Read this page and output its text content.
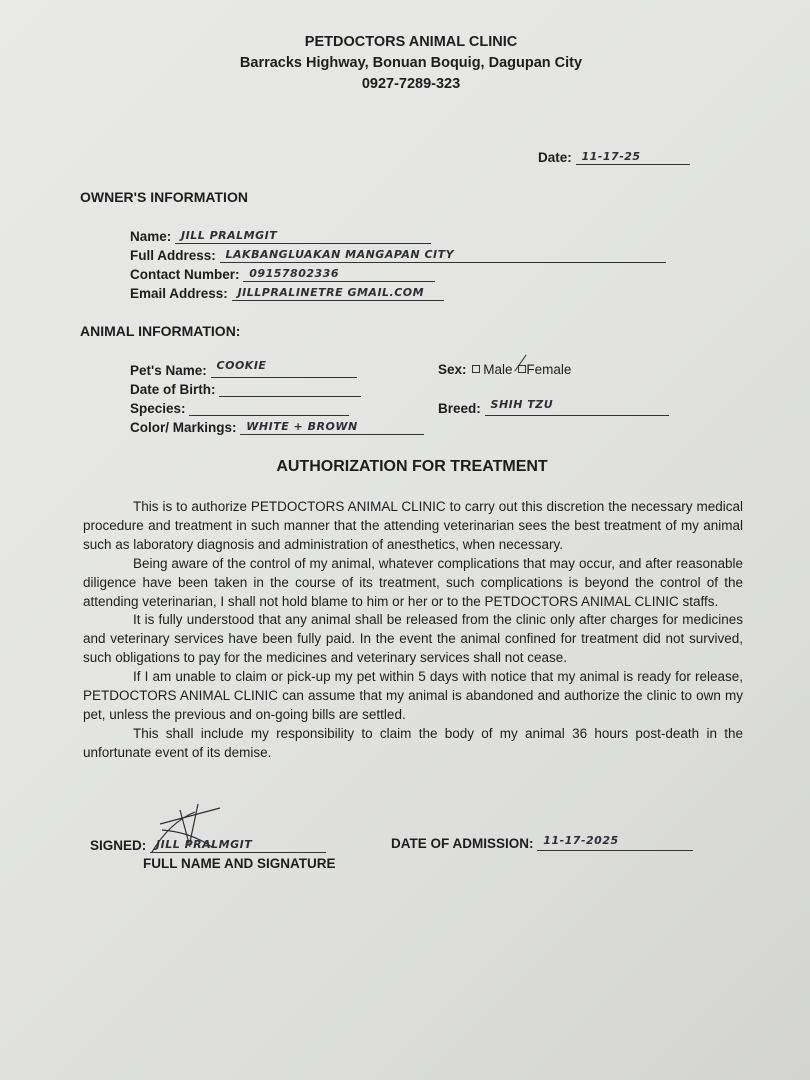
PETDOCTORS ANIMAL CLINIC
Barracks Highway, Bonuan Boquig, Dagupan City
0927-7289-323
Date: 11-17-25
OWNER'S INFORMATION
Name: JILL PRALMGIT
Full Address: LAKBANGLUAKAN MANGAPAN CITY
Contact Number: 09157802336
Email Address: JILLPRALINETRE GMAIL.COM
ANIMAL INFORMATION:
Pet's Name: COOKIE
Date of Birth:
Species:
Color/ Markings: WHITE + BROWN
Sex: Male Female
Breed: SHIH TZU
AUTHORIZATION FOR TREATMENT

This is to authorize PETDOCTORS ANIMAL CLINIC to carry out this discretion the necessary medical procedure and treatment in such manner that the attending veterinarian sees the best treatment of my animal such as laboratory diagnosis and administration of anesthetics, when necessary.

Being aware of the control of my animal, whatever complications that may occur, and after reasonable diligence have been taken in the course of its treatment, such complications is beyond the control of the attending veterinarian, I shall not hold blame to him or her or to the PETDOCTORS ANIMAL CLINIC staffs.

It is fully understood that any animal shall be released from the clinic only after charges for medicines and veterinary services have been fully paid. In the event the animal confined for treatment did not survived, such obligations to pay for the medicines and veterinary services shall not cease.

If I am unable to claim or pick-up my pet within 5 days with notice that my animal is ready for release, PETDOCTORS ANIMAL CLINIC can assume that my animal is abandoned and authorize the clinic to own my pet, unless the previous and on-going bills are settled.

This shall include my responsibility to claim the body of my animal 36 hours post-death in the unfortunate event of its demise.

SIGNED: JILL PRALMGIT
FULL NAME AND SIGNATURE
DATE OF ADMISSION: 11-17-2025
